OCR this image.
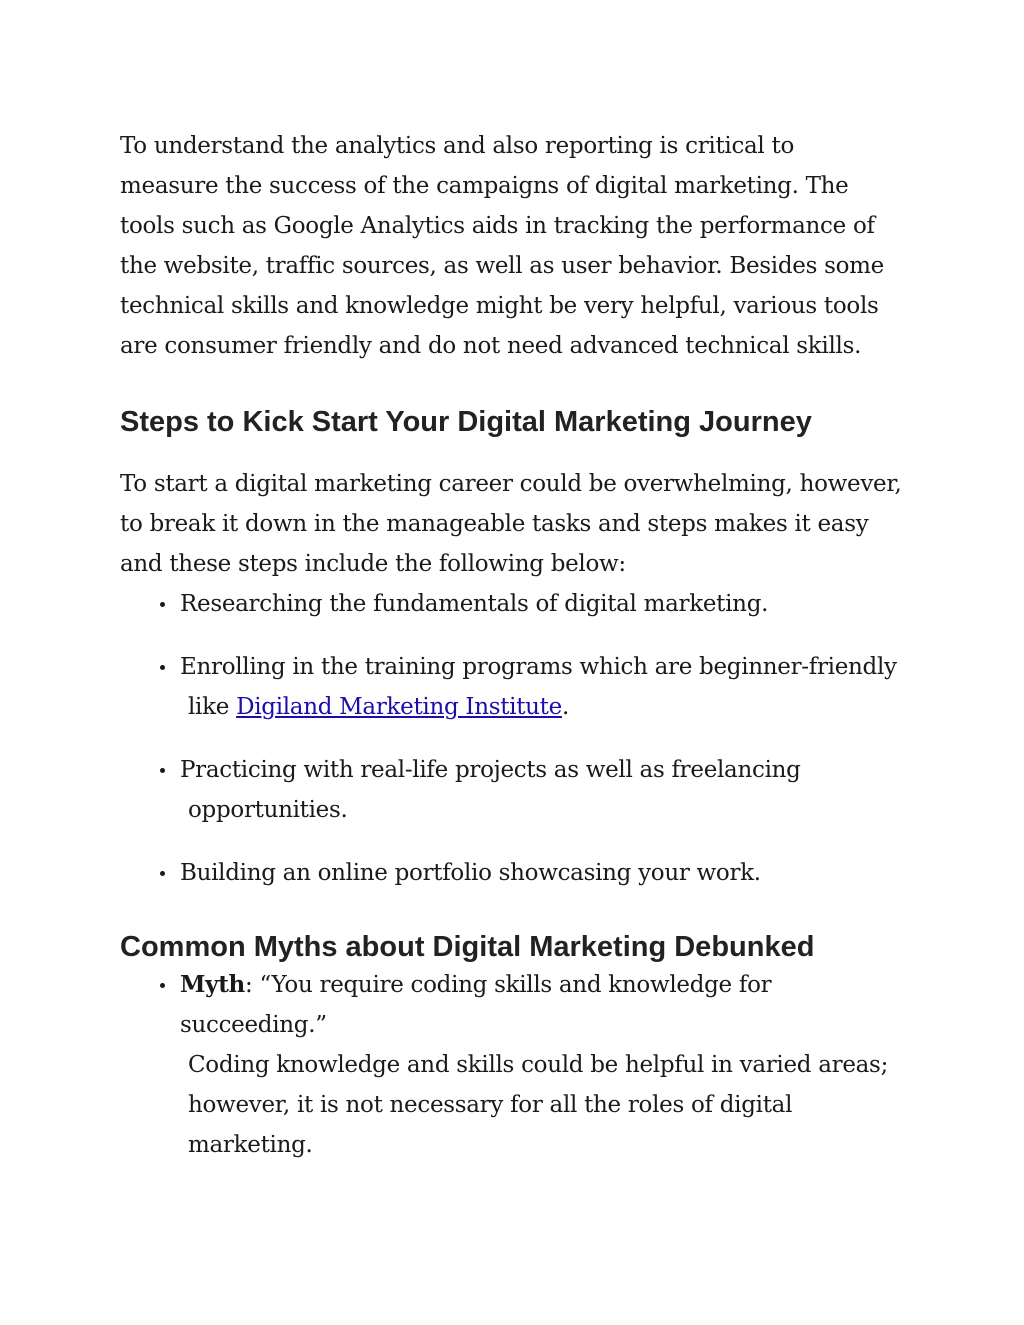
To understand the analytics and also reporting is critical to measure the success of the campaigns of digital marketing. The tools such as Google Analytics aids in tracking the performance of the website, traffic sources, as well as user behavior. Besides some technical skills and knowledge might be very helpful, various tools are consumer friendly and do not need advanced technical skills.

Steps to Kick Start Your Digital Marketing Journey

To start a digital marketing career could be overwhelming, however, to break it down in the manageable tasks and steps makes it easy and these steps include the following below:

Researching the fundamentals of digital marketing.
Enrolling in the training programs which are beginner-friendly
like Digiland Marketing Institute.
Practicing with real-life projects as well as freelancing
opportunities.
Building an online portfolio showcasing your work.
Common Myths about Digital Marketing Debunked
Myth: “You require coding skills and knowledge for succeeding.”
Coding knowledge and skills could be helpful in varied areas;
however, it is not necessary for all the roles of digital marketing.
